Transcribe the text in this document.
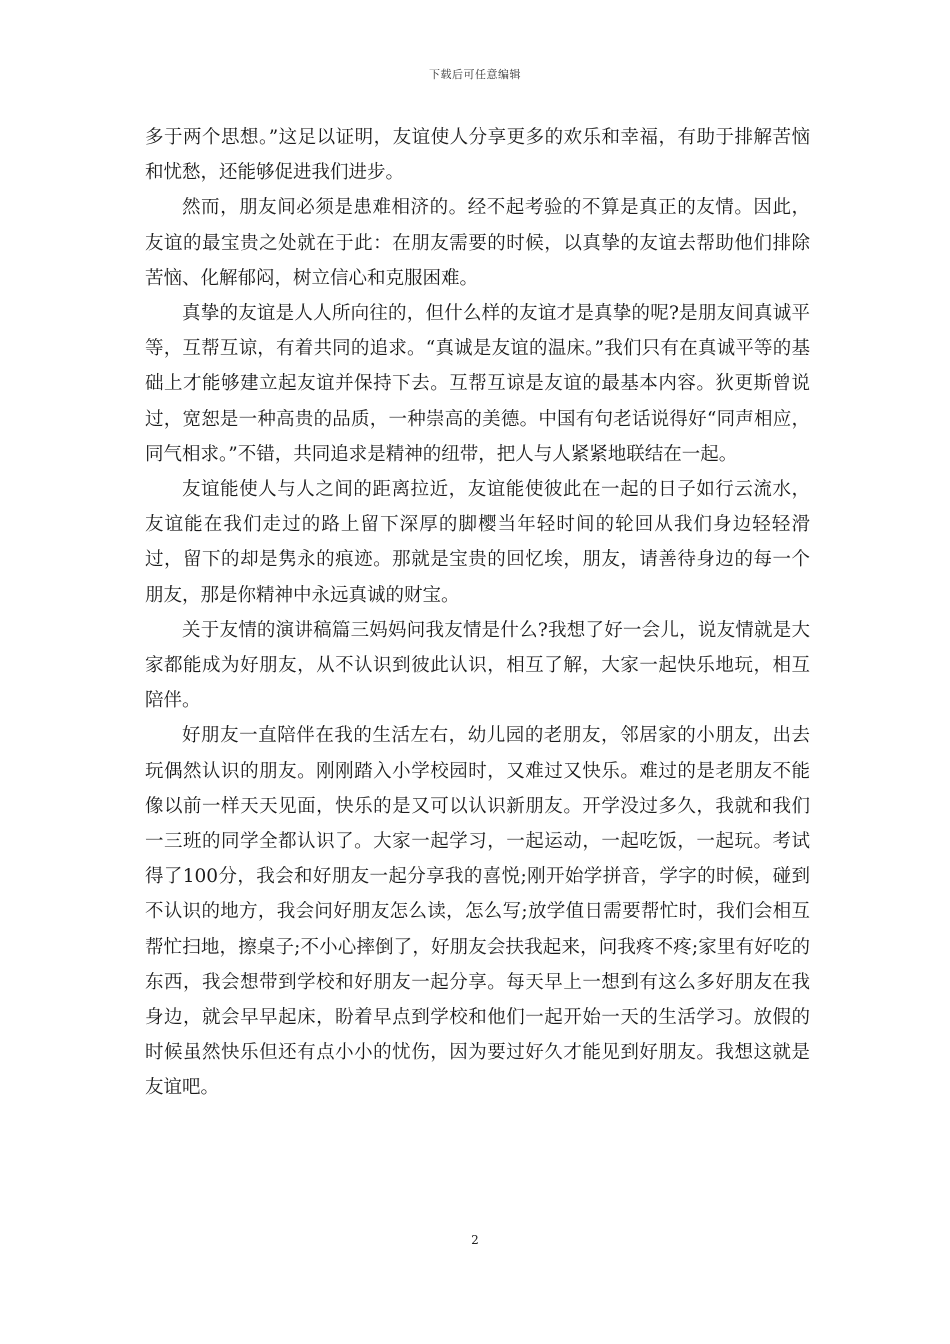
下载后可任意编辑

多于两个思想。”这足以证明，友谊使人分享更多的欢乐和幸福，有助于排解苦恼和忧愁，还能够促进我们进步。

然而，朋友间必须是患难相济的。经不起考验的不算是真正的友情。因此，友谊的最宝贵之处就在于此：在朋友需要的时候，以真挚的友谊去帮助他们排除苦恼、化解郁闷，树立信心和克服困难。

真挚的友谊是人人所向往的，但什么样的友谊才是真挚的呢?是朋友间真诚平等，互帮互谅，有着共同的追求。“真诚是友谊的温床。”我们只有在真诚平等的基础上才能够建立起友谊并保持下去。互帮互谅是友谊的最基本内容。狄更斯曾说过，宽恕是一种高贵的品质，一种崇高的美德。中国有句老话说得好“同声相应，同气相求。”不错，共同追求是精神的纽带，把人与人紧紧地联结在一起。

友谊能使人与人之间的距离拉近，友谊能使彼此在一起的日子如行云流水，友谊能在我们走过的路上留下深厚的脚樱当年轻时间的轮回从我们身边轻轻滑过，留下的却是隽永的痕迹。那就是宝贵的回忆埃，朋友，请善待身边的每一个朋友，那是你精神中永远真诚的财宝。

关于友情的演讲稿篇三妈妈问我友情是什么?我想了好一会儿，说友情就是大家都能成为好朋友，从不认识到彼此认识，相互了解，大家一起快乐地玩，相互陪伴。

好朋友一直陪伴在我的生活左右，幼儿园的老朋友，邻居家的小朋友，出去玩偶然认识的朋友。刚刚踏入小学校园时，又难过又快乐。难过的是老朋友不能像以前一样天天见面，快乐的是又可以认识新朋友。开学没过多久，我就和我们一三班的同学全都认识了。大家一起学习，一起运动，一起吃饭，一起玩。考试得了100分，我会和好朋友一起分享我的喜悦;刚开始学拼音，学字的时候，碰到不认识的地方，我会问好朋友怎么读，怎么写;放学值日需要帮忙时，我们会相互帮忙扫地，擦桌子;不小心摔倒了，好朋友会扶我起来，问我疼不疼;家里有好吃的东西，我会想带到学校和好朋友一起分享。每天早上一想到有这么多好朋友在我身边，就会早早起床，盼着早点到学校和他们一起开始一天的生活学习。放假的时候虽然快乐但还有点小小的忧伤，因为要过好久才能见到好朋友。我想这就是友谊吧。

2
